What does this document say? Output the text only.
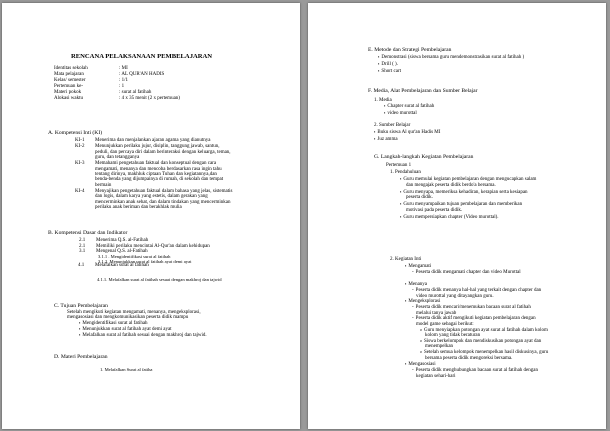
RENCANA PELAKSANAAN PEMBELAJARAN
Identitas sekolah	: MI
Mata pelajaran	: AL QUR'AN HADIS
Kelas/ semester	: 1/1
Pertemuan ke-	: 1
Materi pokok	: surat al fatihah
Alokasi waktu	: 4 x 35 menit (2 x pertemuan)
A. Kompetensi Inti (KI)
KI-1 Menerima dan menjalankan ajaran agama yang dianutnya
KI-2 Menunjukkan perilaku jujur, disiplin, tanggung jawab, santun,
peduli, dan percaya diri dalam berinteraksi dengan keluarga, teman,
guru, dan tetangganya
KI-3 Memahami pengetahuan faktual dan konseptual dengan cara
mengamati, menanya dan mencoba berdasarkan rasa ingin tahu
tentang dirinya, makhluk ciptaan Tuhan dan kegiatannya,dan
benda-benda yang dijumpainya di rumah, di sekolah dan tempat
bermain
KI-4 Menyajikan pengetahuan faktual dalam bahasa yang jelas, sistematis
dan logis, dalam karya yang estetis, dalam gerakan yang
mencerminkan anak sehat, dan dalam tindakan yang mencerminkan
perilaku anak beriman dan berakhlak mulia
B. Kompetensi Dasar dan Indikator
2.1 Menerima Q.S. al-Fatihah
2.1 Memiliki perilaku mencintai Al-Qur'an dalam kehidupan
3.1 Mengenal Q.S. al-Fatihah
3.1.1 . Mengidentifikasi surat al fatihah
3.1.2. Menunjukkan surat al fatihah ayat demi ayat
4.1 Melafalkan surat al fatihah
4.1.1. Melafalkan surat al fatihah sesuai dengan makhroj dan tajwid
C. Tujuan Pembelajaran
Setelah mengikuti kegiatan mengamati, menanya, mengeksplorasi,
mengasosiasi dan mengkomunikasikan peserta didik mampu
▪ Mengidentifikasi surat al fatihah
▪ Menunjukkan surat al fatihah ayat demi ayat
▪ Melafalkan surat al fatihah sesuai dengan makhroj dan tajwid.
D. Materi Pembelajaran
1. Melafalkan Surat al fatiha
E. Metode dan Strategi Pembelajaran
▪ Demonstrasi (siswa bersama guru mendemonstrasikan surat al fatihah )
▪ Drill ( ).
▪ Short cart
F. Media, Alat Pembelajaran dan Sumber Belajar
1. Media
▪ Chapter surat al fatihah
▪ video murottal
2. Sumber Belajar
▪ Buku siswa Al qur'an Hadis MI
▪ Juz amma
G. Langkah-langkah Kegiatan Pembelajaran
Pertemuan 1
1. Pendahuluan
▪ Guru memulai kegiatan pembelajaran dengan mengucapkan salam
dan mengajak peserta didik berdo'a bersama.
▪ Guru menyapa, memeriksa kehadiran, kerapian serta kesiapan
peserta didik.
▪ Guru menyampaikan tujuan pembelajaran dan memberikan
motivasi pada peserta didik.
▪ Guru mempersiapkan chapter (Video murottal).
2. Kegiatan Inti
▪ Mengamati
- Peserta didik mengamati chapter dan video Murottal
▪ Menanya
- Peserta didik menanya hal-hal yang terkait dengan chapter dan
video murottal yang ditayangkan guru.
▪ Mengeksplorasi
- Peserta didik mencari/menemukan bacaan surat al fatihah
melalui tanya jawab
- Peserta didik aktif mengikuti kegiatan pembelajaran dengan
model game sebagai berikut:
o Guru menyiapkan potongan ayat surat al fatihah dalam kolom
kolom yang tidak beraturan
o Siswa berkelompok dan mendiskusikan potongan ayat dan
menempelkan
o Setelah semua kelompok menempelkan hasil diskusinya, guru
bersama peserta didik mengoreksi bersama.
▪ Mengasosiasi
- Peserta didik menghubungkan bacaan surat al fatihah dengan
kegiatan sehari-hari
